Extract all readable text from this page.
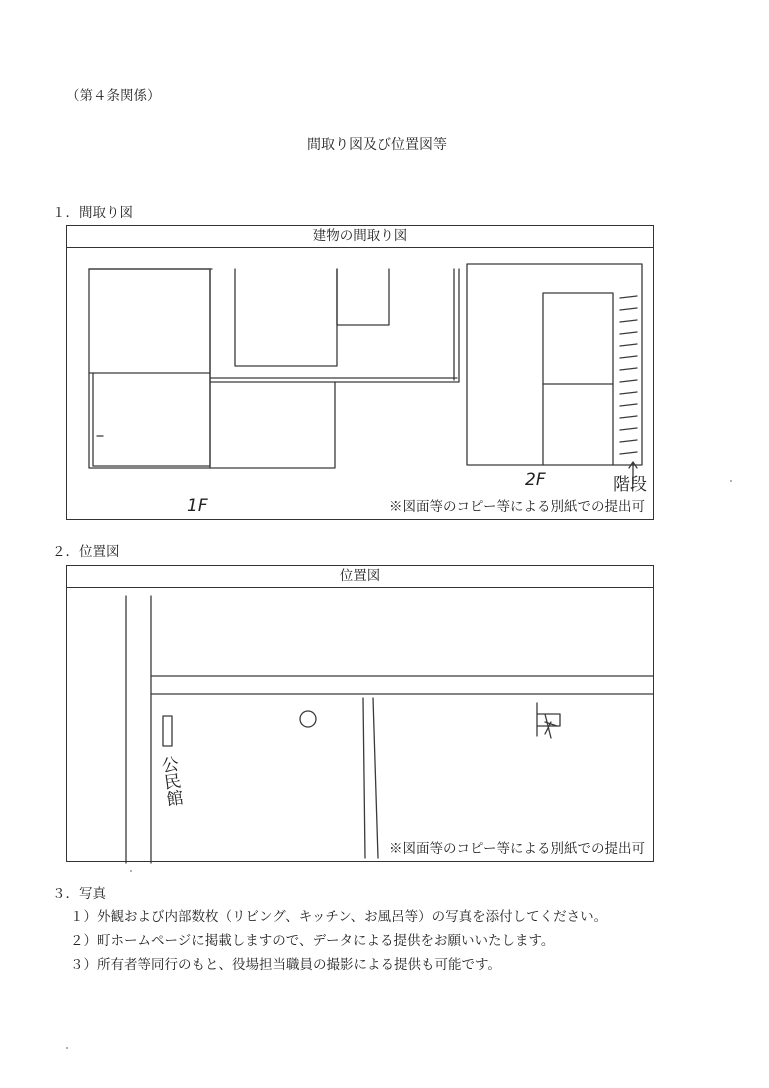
（第４条関係）
間取り図及び位置図等
１．間取り図
建物の間取り図
1F
2F	階段
※図面等のコピー等による別紙での提出可
２．位置図
位置図
公民館
※図面等のコピー等による別紙での提出可
３．写真
１）外観および内部数枚（リビング、キッチン、お風呂等）の写真を添付してください。
２）町ホームページに掲載しますので、データによる提供をお願いいたします。
３）所有者等同行のもと、役場担当職員の撮影による提供も可能です。
